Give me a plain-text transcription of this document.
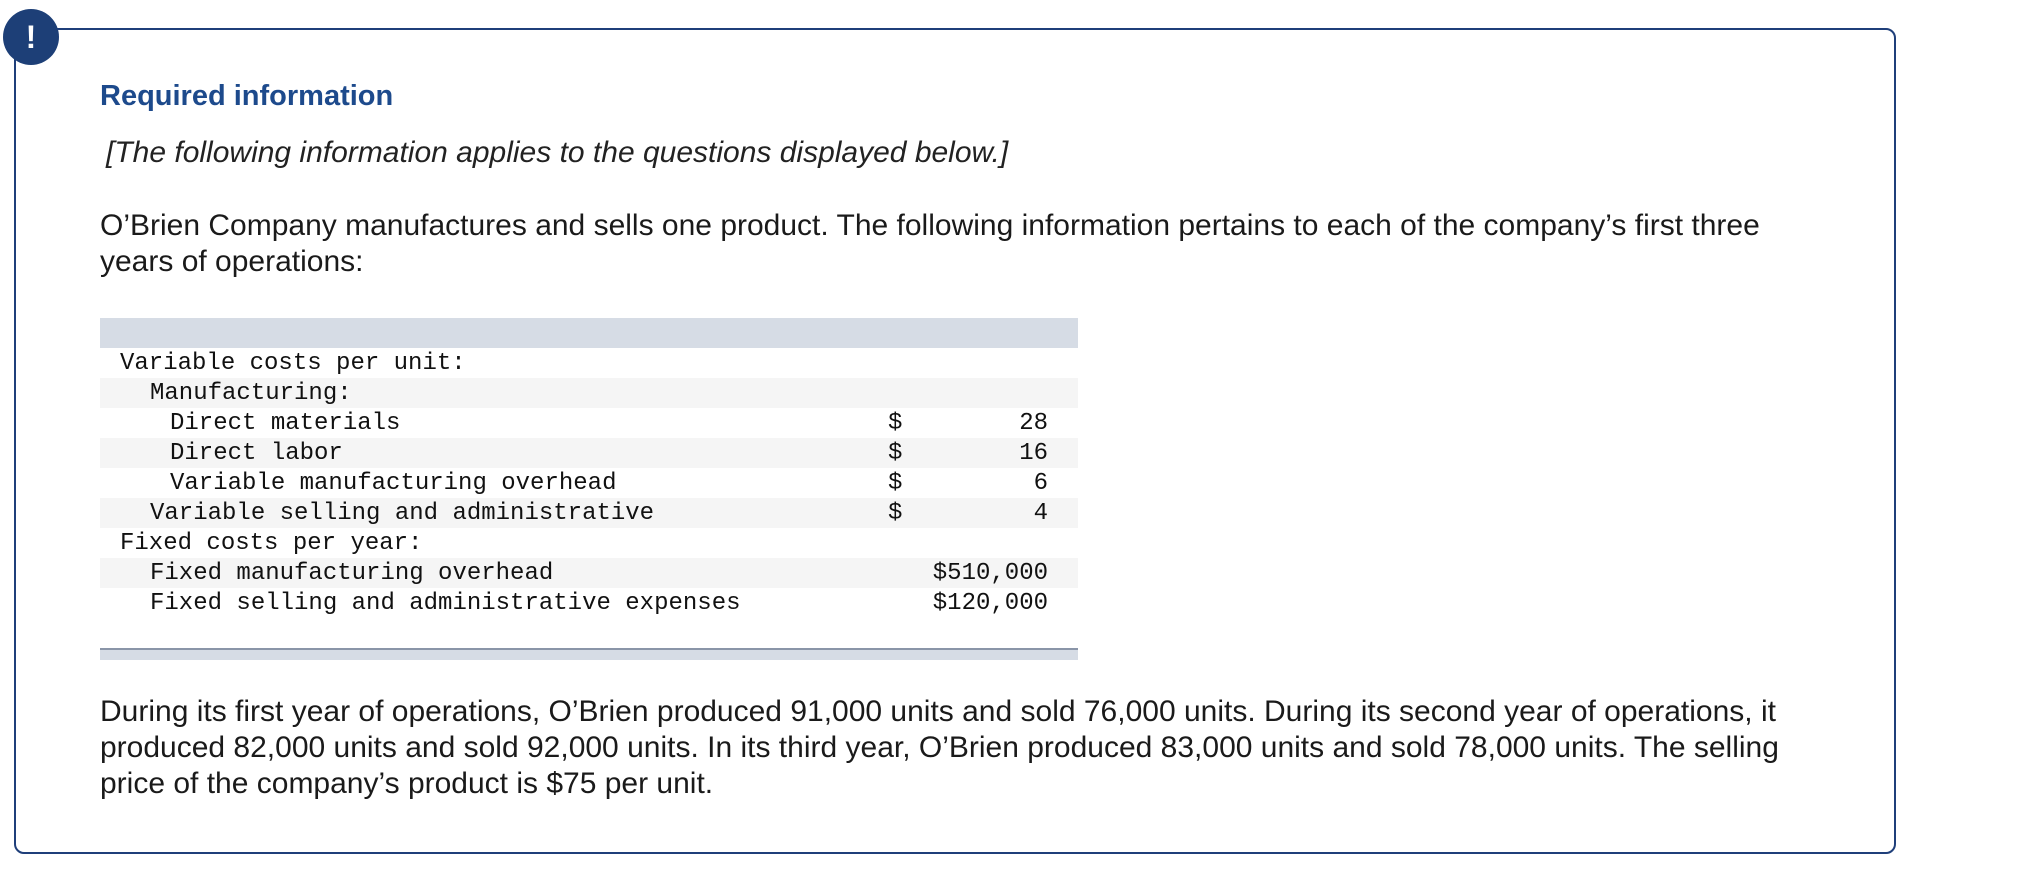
!
Required information

[The following information applies to the questions displayed below.]

O’Brien Company manufactures and sells one product. The following information pertains to each of the company’s first three years of operations:

Variable costs per unit:		
Manufacturing:		
Direct materials	$	28
Direct labor	$	16
Variable manufacturing overhead	$	6
Variable selling and administrative	$	4
Fixed costs per year:		
Fixed manufacturing overhead	$510,000	
Fixed selling and administrative expenses	$120,000	

During its first year of operations, O’Brien produced 91,000 units and sold 76,000 units. During its second year of operations, it produced 82,000 units and sold 92,000 units. In its third year, O’Brien produced 83,000 units and sold 78,000 units. The selling price of the company’s product is $75 per unit.
